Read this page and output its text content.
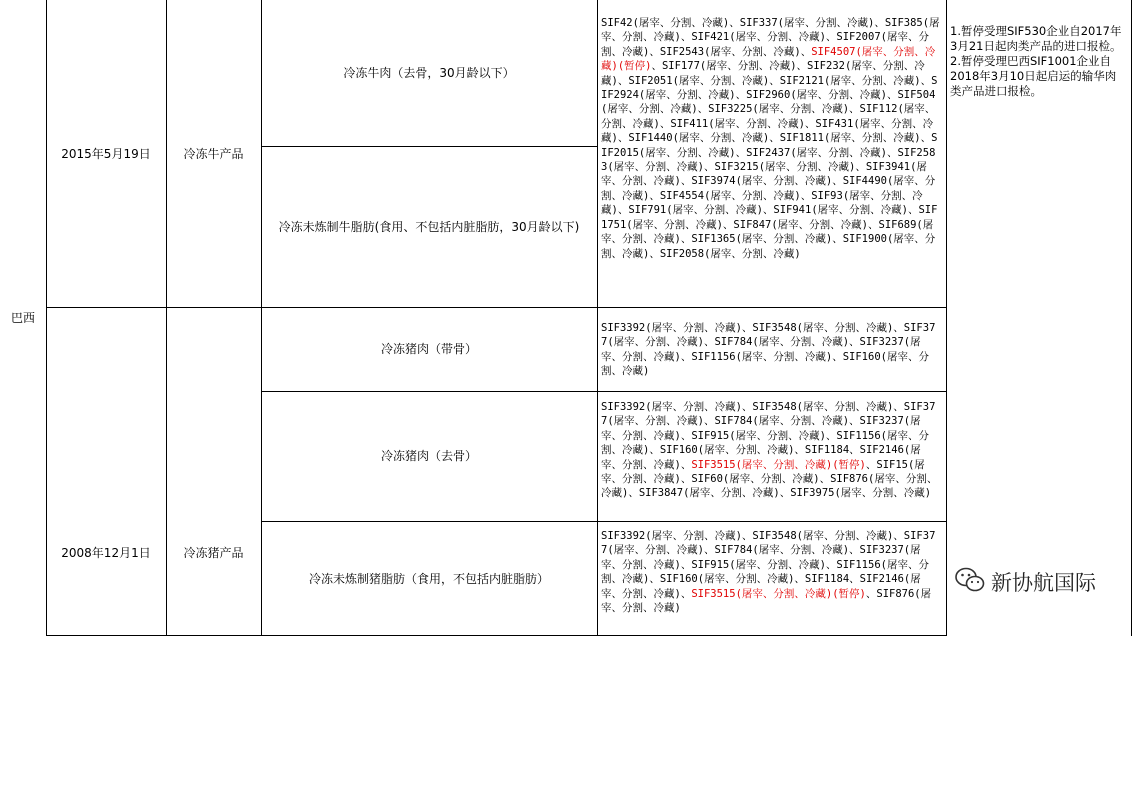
巴西
2015年5月19日	冷冻牛产品
冷冻牛肉（去骨，30月龄以下）
冷冻未炼制牛脂肪(食用、不包括内脏脂肪，30月龄以下)
SIF42(屠宰、分割、冷藏)、SIF337(屠宰、分割、冷藏)、SIF385(屠宰、分割、冷藏)、SIF421(屠宰、分割、冷藏)、SIF2007(屠宰、分割、冷藏)、SIF2543(屠宰、分割、冷藏)、SIF4507(屠宰、分割、冷藏)(暂停)、SIF177(屠宰、分割、冷藏)、SIF232(屠宰、分割、冷藏)、SIF2051(屠宰、分割、冷藏)、SIF2121(屠宰、分割、冷藏)、SIF2924(屠宰、分割、冷藏)、SIF2960(屠宰、分割、冷藏)、SIF504(屠宰、分割、冷藏)、SIF3225(屠宰、分割、冷藏)、SIF112(屠宰、分割、冷藏)、SIF411(屠宰、分割、冷藏)、SIF431(屠宰、分割、冷藏)、SIF1440(屠宰、分割、冷藏)、SIF1811(屠宰、分割、冷藏)、SIF2015(屠宰、分割、冷藏)、SIF2437(屠宰、分割、冷藏)、SIF2583(屠宰、分割、冷藏)、SIF3215(屠宰、分割、冷藏)、SIF3941(屠宰、分割、冷藏)、SIF3974(屠宰、分割、冷藏)、SIF4490(屠宰、分割、冷藏)、SIF4554(屠宰、分割、冷藏)、SIF93(屠宰、分割、冷藏)、SIF791(屠宰、分割、冷藏)、SIF941(屠宰、分割、冷藏)、SIF1751(屠宰、分割、冷藏)、SIF847(屠宰、分割、冷藏)、SIF689(屠宰、分割、冷藏)、SIF1365(屠宰、分割、冷藏)、SIF1900(屠宰、分割、冷藏)、SIF2058(屠宰、分割、冷藏)
1.暂停受理SIF530企业自2017年3月21日起肉类产品的进口报检。
2.暂停受理巴西SIF1001企业自2018年3月10日起启运的输华肉类产品进口报检。
2008年12月1日	冷冻猪产品
冷冻猪肉（带骨）
SIF3392(屠宰、分割、冷藏)、SIF3548(屠宰、分割、冷藏)、SIF377(屠宰、分割、冷藏)、SIF784(屠宰、分割、冷藏)、SIF3237(屠宰、分割、冷藏)、SIF1156(屠宰、分割、冷藏)、SIF160(屠宰、分割、冷藏)
冷冻猪肉（去骨）
SIF3392(屠宰、分割、冷藏)、SIF3548(屠宰、分割、冷藏)、SIF377(屠宰、分割、冷藏)、SIF784(屠宰、分割、冷藏)、SIF3237(屠宰、分割、冷藏)、SIF915(屠宰、分割、冷藏)、SIF1156(屠宰、分割、冷藏)、SIF160(屠宰、分割、冷藏)、SIF1184、SIF2146(屠宰、分割、冷藏)、SIF3515(屠宰、分割、冷藏)(暂停)、SIF15(屠宰、分割、冷藏)、SIF60(屠宰、分割、冷藏)、SIF876(屠宰、分割、冷藏)、SIF3847(屠宰、分割、冷藏)、SIF3975(屠宰、分割、冷藏)
冷冻未炼制猪脂肪（食用，不包括内脏脂肪）
SIF3392(屠宰、分割、冷藏)、SIF3548(屠宰、分割、冷藏)、SIF377(屠宰、分割、冷藏)、SIF784(屠宰、分割、冷藏)、SIF3237(屠宰、分割、冷藏)、SIF915(屠宰、分割、冷藏)、SIF1156(屠宰、分割、冷藏)、SIF160(屠宰、分割、冷藏)、SIF1184、SIF2146(屠宰、分割、冷藏)、SIF3515(屠宰、分割、冷藏)(暂停)、SIF876(屠宰、分割、冷藏)
新协航国际
